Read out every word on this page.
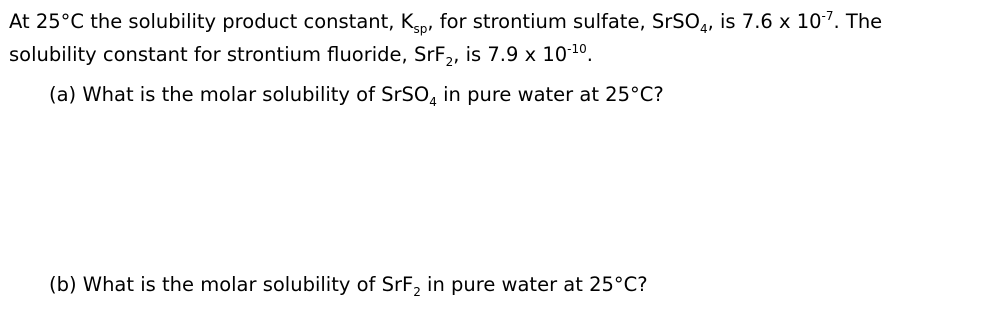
At 25°C the solubility product constant, $K_{sp}$, for strontium sulfate, SrSO$_4$, is 7.6 x $10^{-7}$. The
solubility constant for strontium fluoride, SrF$_2$, is 7.9 x $10^{-10}$.
(a) What is the molar solubility of SrSO$_4$ in pure water at 25°C?
(b) What is the molar solubility of SrF$_2$ in pure water at 25°C?
